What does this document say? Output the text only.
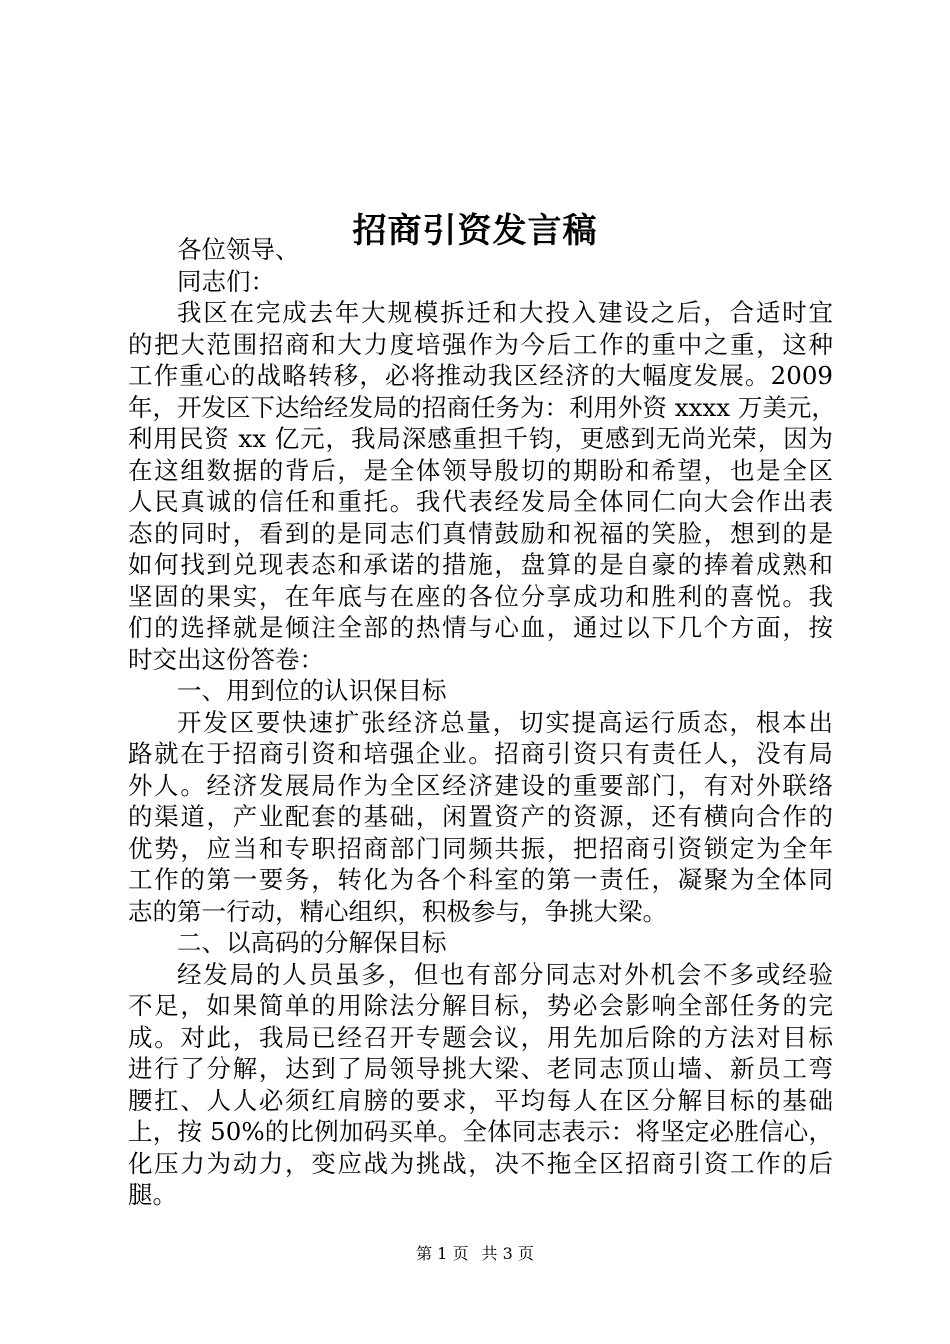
招商引资发言稿
各位领导、
同志们：
我区在完成去年大规模拆迁和大投入建设之后，合适时宜
的把大范围招商和大力度培强作为今后工作的重中之重，这种
工作重心的战略转移，必将推动我区经济的大幅度发展。2009
年，开发区下达给经发局的招商任务为：利用外资 xxxx 万美元，
利用民资 xx 亿元，我局深感重担千钧，更感到无尚光荣，因为
在这组数据的背后，是全体领导殷切的期盼和希望，也是全区
人民真诚的信任和重托。我代表经发局全体同仁向大会作出表
态的同时，看到的是同志们真情鼓励和祝福的笑脸，想到的是
如何找到兑现表态和承诺的措施，盘算的是自豪的捧着成熟和
坚固的果实，在年底与在座的各位分享成功和胜利的喜悦。我
们的选择就是倾注全部的热情与心血，通过以下几个方面，按
时交出这份答卷：
一、用到位的认识保目标
开发区要快速扩张经济总量，切实提高运行质态，根本出
路就在于招商引资和培强企业。招商引资只有责任人，没有局
外人。经济发展局作为全区经济建设的重要部门，有对外联络
的渠道，产业配套的基础，闲置资产的资源，还有横向合作的
优势，应当和专职招商部门同频共振，把招商引资锁定为全年
工作的第一要务，转化为各个科室的第一责任，凝聚为全体同
志的第一行动，精心组织，积极参与，争挑大梁。
二、以高码的分解保目标
经发局的人员虽多，但也有部分同志对外机会不多或经验
不足，如果简单的用除法分解目标，势必会影响全部任务的完
成。对此，我局已经召开专题会议，用先加后除的方法对目标
进行了分解，达到了局领导挑大梁、老同志顶山墙、新员工弯
腰扛、人人必须红肩膀的要求，平均每人在区分解目标的基础
上，按 50%的比例加码买单。全体同志表示：将坚定必胜信心，
化压力为动力，变应战为挑战，决不拖全区招商引资工作的后
腿。
第 1 页 共 3 页
